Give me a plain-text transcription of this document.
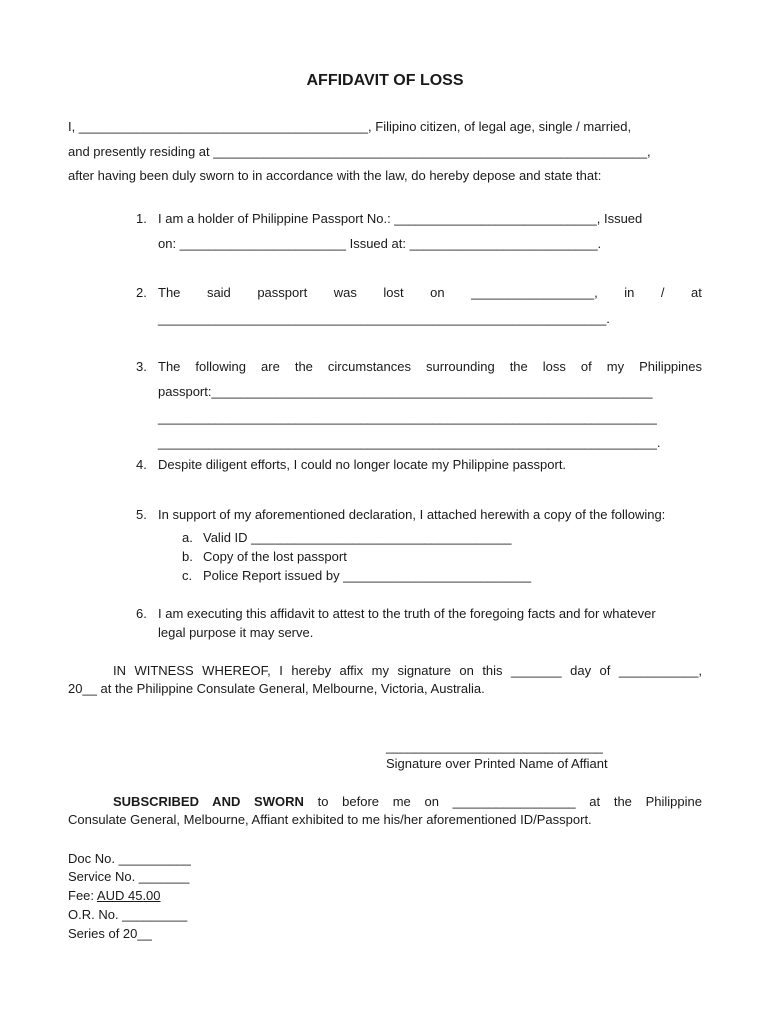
AFFIDAVIT OF LOSS
I, ________________________________________, Filipino citizen, of legal age, single / married,
and presently residing at ____________________________________________________________,
after having been duly sworn to in accordance with the law, do hereby depose and state that:
1. I am a holder of Philippine Passport No.: ____________________________, Issued
on: _______________________ Issued at: __________________________.
2. The said passport was lost on _________________, in / at
______________________________________________________________.
3. The following are the circumstances surrounding the loss of my Philippines
passport:_____________________________________________________________
_____________________________________________________________________
_____________________________________________________________________.
4. Despite diligent efforts, I could no longer locate my Philippine passport.
5. In support of my aforementioned declaration, I attached herewith a copy of the following:
a. Valid ID ____________________________________
b. Copy of the lost passport
c. Police Report issued by __________________________
6. I am executing this affidavit to attest to the truth of the foregoing facts and for whatever
legal purpose it may serve.
IN WITNESS WHEREOF, I hereby affix my signature on this _______ day of ___________,
20__ at the Philippine Consulate General, Melbourne, Victoria, Australia.
______________________________
Signature over Printed Name of Affiant
SUBSCRIBED AND SWORN to before me on _________________ at the Philippine
Consulate General, Melbourne, Affiant exhibited to me his/her aforementioned ID/Passport.
Doc No. __________
Service No. _______
Fee: AUD 45.00
O.R. No. _________
Series of 20__
